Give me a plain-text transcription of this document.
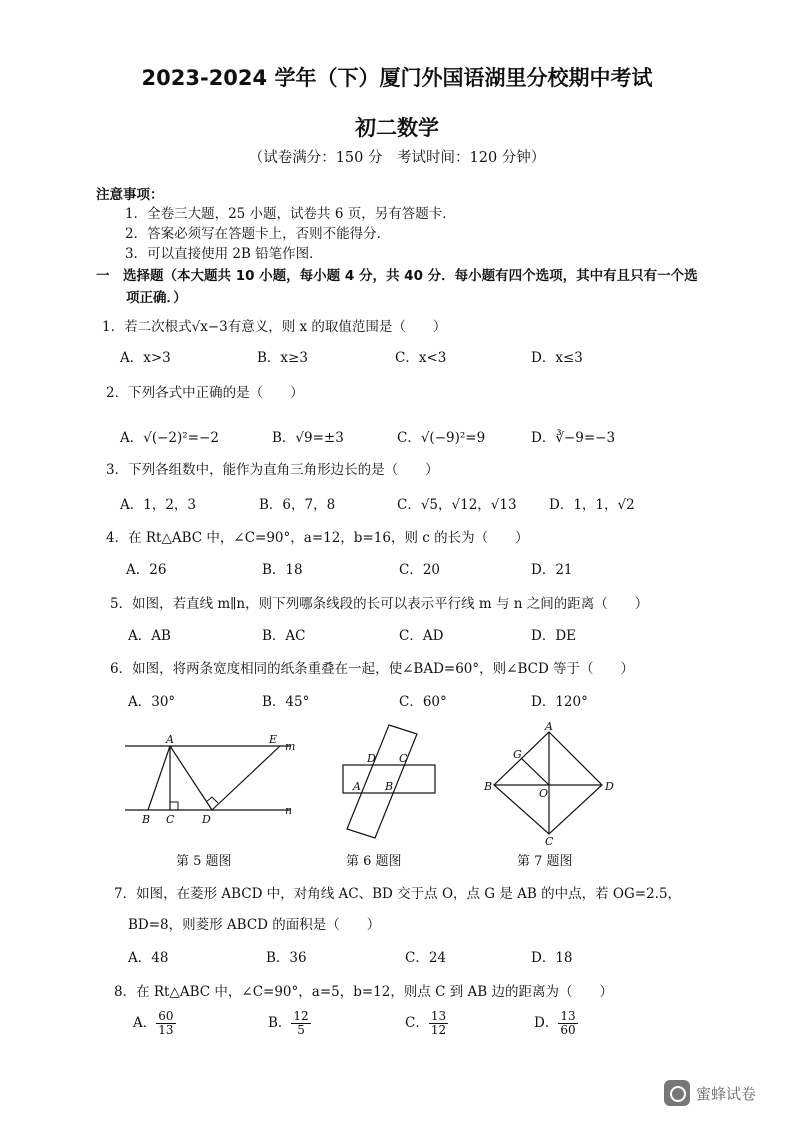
2023-2024 学年（下）厦门外国语湖里分校期中考试
初二数学
（试卷满分：150 分　考试时间：120 分钟）
注意事项：
1．全卷三大题，25 小题，试卷共 6 页，另有答题卡．
2．答案必须写在答题卡上，否则不能得分．
3．可以直接使用 2B 铅笔作图．
一　选择题（本大题共 10 小题，每小题 4 分，共 40 分．每小题有四个选项，其中有且只有一个选
项正确．）
1．若二次根式√x−3有意义，则 x 的取值范围是（　　）
A．x>3	B．x≥3	C．x<3	D．x≤3
2．下列各式中正确的是（　　）
A．√(−2)²=−2	B．√9=±3	C．√(−9)²=9	D．∛−9=−3
3．下列各组数中，能作为直角三角形边长的是（　　）
A．1，2，3	B．6，7，8	C．√5，√12，√13 D．1，1，√2
4．在 Rt△ABC 中，∠C=90°，a=12，b=16，则 c 的长为（　　）
A．26	B．18	C．20	D．21
5．如图，若直线 m∥n，则下列哪条线段的长可以表示平行线 m 与 n 之间的距离（　　）
A．AB	B．AC	C．AD	D．DE
6．如图，将两条宽度相同的纸条重叠在一起，使∠BAD=60°，则∠BCD 等于（　　）
A．30°	B．45°	C．60°	D．120°
A	E
m
B C	D
n
第 5 题图
D C
A B
第 6 题图
A
G
B
O
D
C
第 7 题图
7．如图，在菱形 ABCD 中，对角线 AC、BD 交于点 O，点 G 是 AB 的中点，若 OG=2.5，
BD=8，则菱形 ABCD 的面积是（　　）
A．48	B．36	C．24	D．18
8．在 Rt△ABC 中，∠C=90°，a=5，b=12，则点 C 到 AB 边的距离为（　　）
A． $\frac{60}{13}$	B． $\frac{12}{5}$	C． $\frac{13}{12}$	D． $\frac{13}{60}$
蜜蜂试卷
